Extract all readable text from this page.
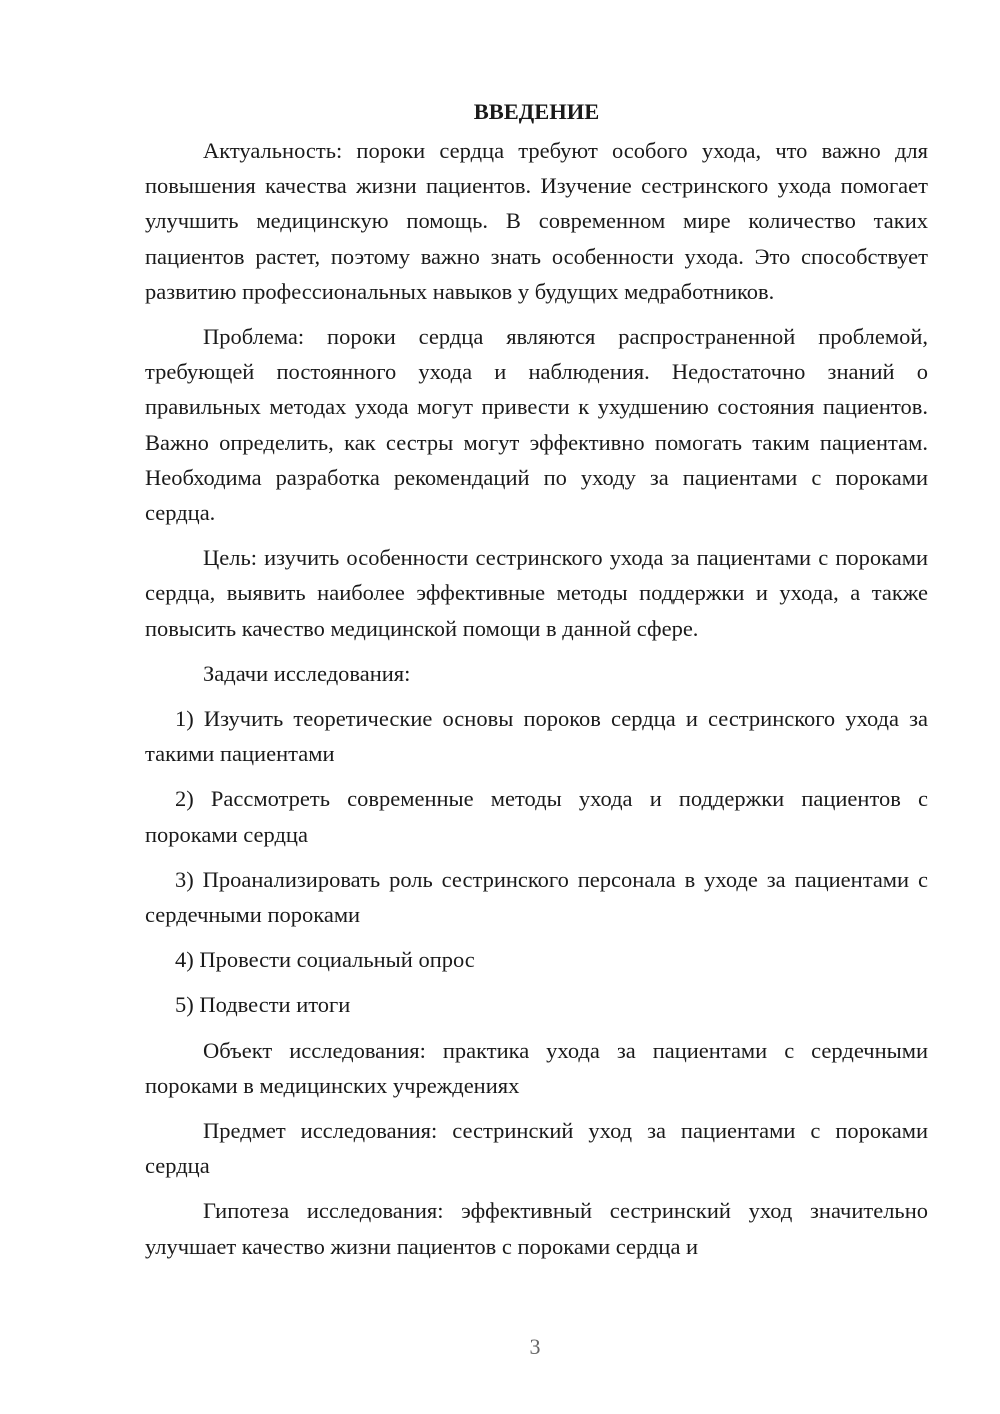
ВВЕДЕНИЕ

Актуальность: пороки сердца требуют особого ухода, что важно для повышения качества жизни пациентов. Изучение сестринского ухода помогает улучшить медицинскую помощь. В современном мире количество таких пациентов растет, поэтому важно знать особенности ухода. Это способствует развитию профессиональных навыков у будущих медработников.

Проблема: пороки сердца являются распространенной проблемой, требующей постоянного ухода и наблюдения. Недостаточно знаний о правильных методах ухода могут привести к ухудшению состояния пациентов. Важно определить, как сестры могут эффективно помогать таким пациентам. Необходима разработка рекомендаций по уходу за пациентами с пороками сердца.

Цель: изучить особенности сестринского ухода за пациентами с пороками сердца, выявить наиболее эффективные методы поддержки и ухода, а также повысить качество медицинской помощи в данной сфере.

Задачи исследования:

1) Изучить теоретические основы пороков сердца и сестринского ухода за такими пациентами

2) Рассмотреть современные методы ухода и поддержки пациентов с пороками сердца

3) Проанализировать роль сестринского персонала в уходе за пациентами с сердечными пороками

4) Провести социальный опрос

5) Подвести итоги

Объект исследования: практика ухода за пациентами с сердечными пороками в медицинских учреждениях

Предмет исследования: сестринский уход за пациентами с пороками сердца

Гипотеза исследования: эффективный сестринский уход значительно улучшает качество жизни пациентов с пороками сердца и

3
